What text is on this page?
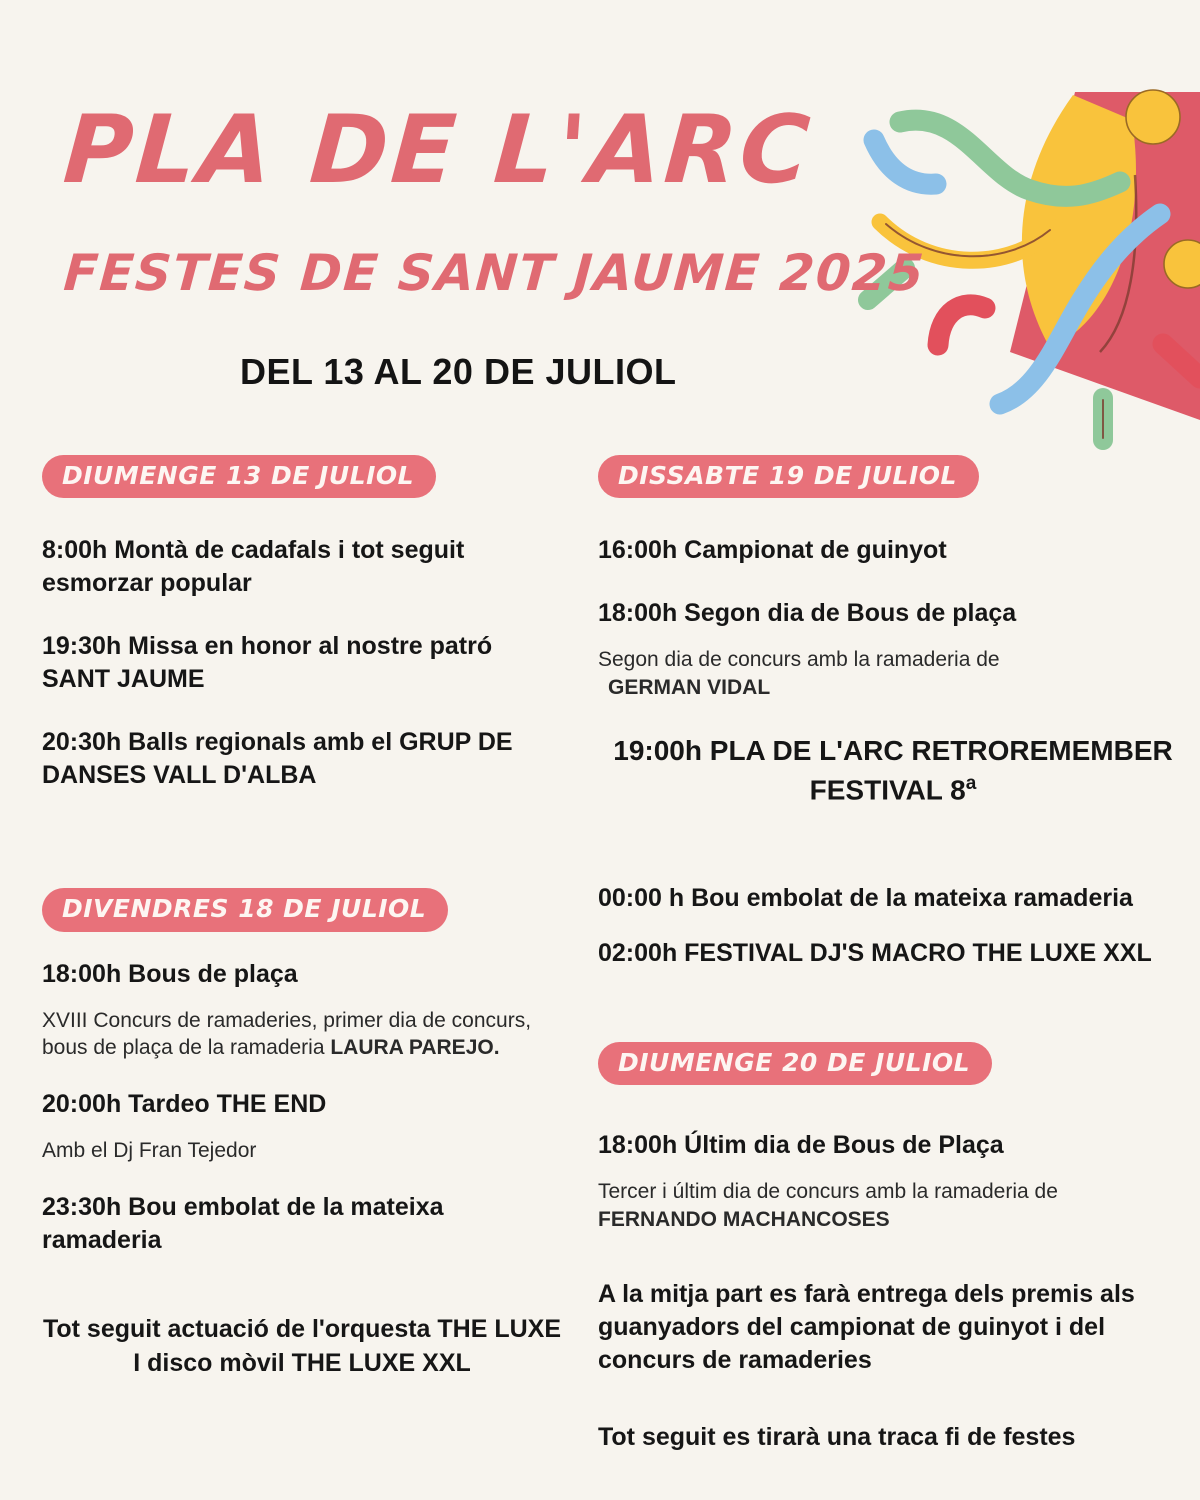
PLA DE L'ARC
FESTES DE SANT JAUME 2025
DEL 13 AL 20 DE JULIOL
DIUMENGE 13 DE JULIOL
8:00h Montà de cadafals i tot seguit esmorzar popular
19:30h Missa en honor al nostre patró SANT JAUME
20:30h Balls regionals amb el GRUP DE DANSES VALL D'ALBA
DIVENDRES 18 DE JULIOL
18:00h Bous de plaça
XVIII Concurs de ramaderies, primer dia de concurs, bous de plaça de la ramaderia LAURA PAREJO.
20:00h Tardeo THE END
Amb el Dj Fran Tejedor
23:30h Bou embolat de la mateixa ramaderia
Tot seguit actuació de l'orquesta THE LUXE I disco mòvil THE LUXE XXL
DISSABTE 19 DE JULIOL
16:00h Campionat de guinyot
18:00h Segon dia de Bous de plaça
Segon dia de concurs amb la ramaderia de
GERMAN VIDAL
19:00h PLA DE L'ARC RETROREMEMBER
FESTIVAL 8$^a$
00:00 h Bou embolat de la mateixa ramaderia
02:00h FESTIVAL DJ'S MACRO THE LUXE XXL
DIUMENGE 20 DE JULIOL
18:00h Últim dia de Bous de Plaça
Tercer i últim dia de concurs amb la ramaderia de
FERNANDO MACHANCOSES
A la mitja part es farà entrega dels premis als guanyadors del campionat de guinyot i del concurs de ramaderies
Tot seguit es tirarà una traca fi de festes
